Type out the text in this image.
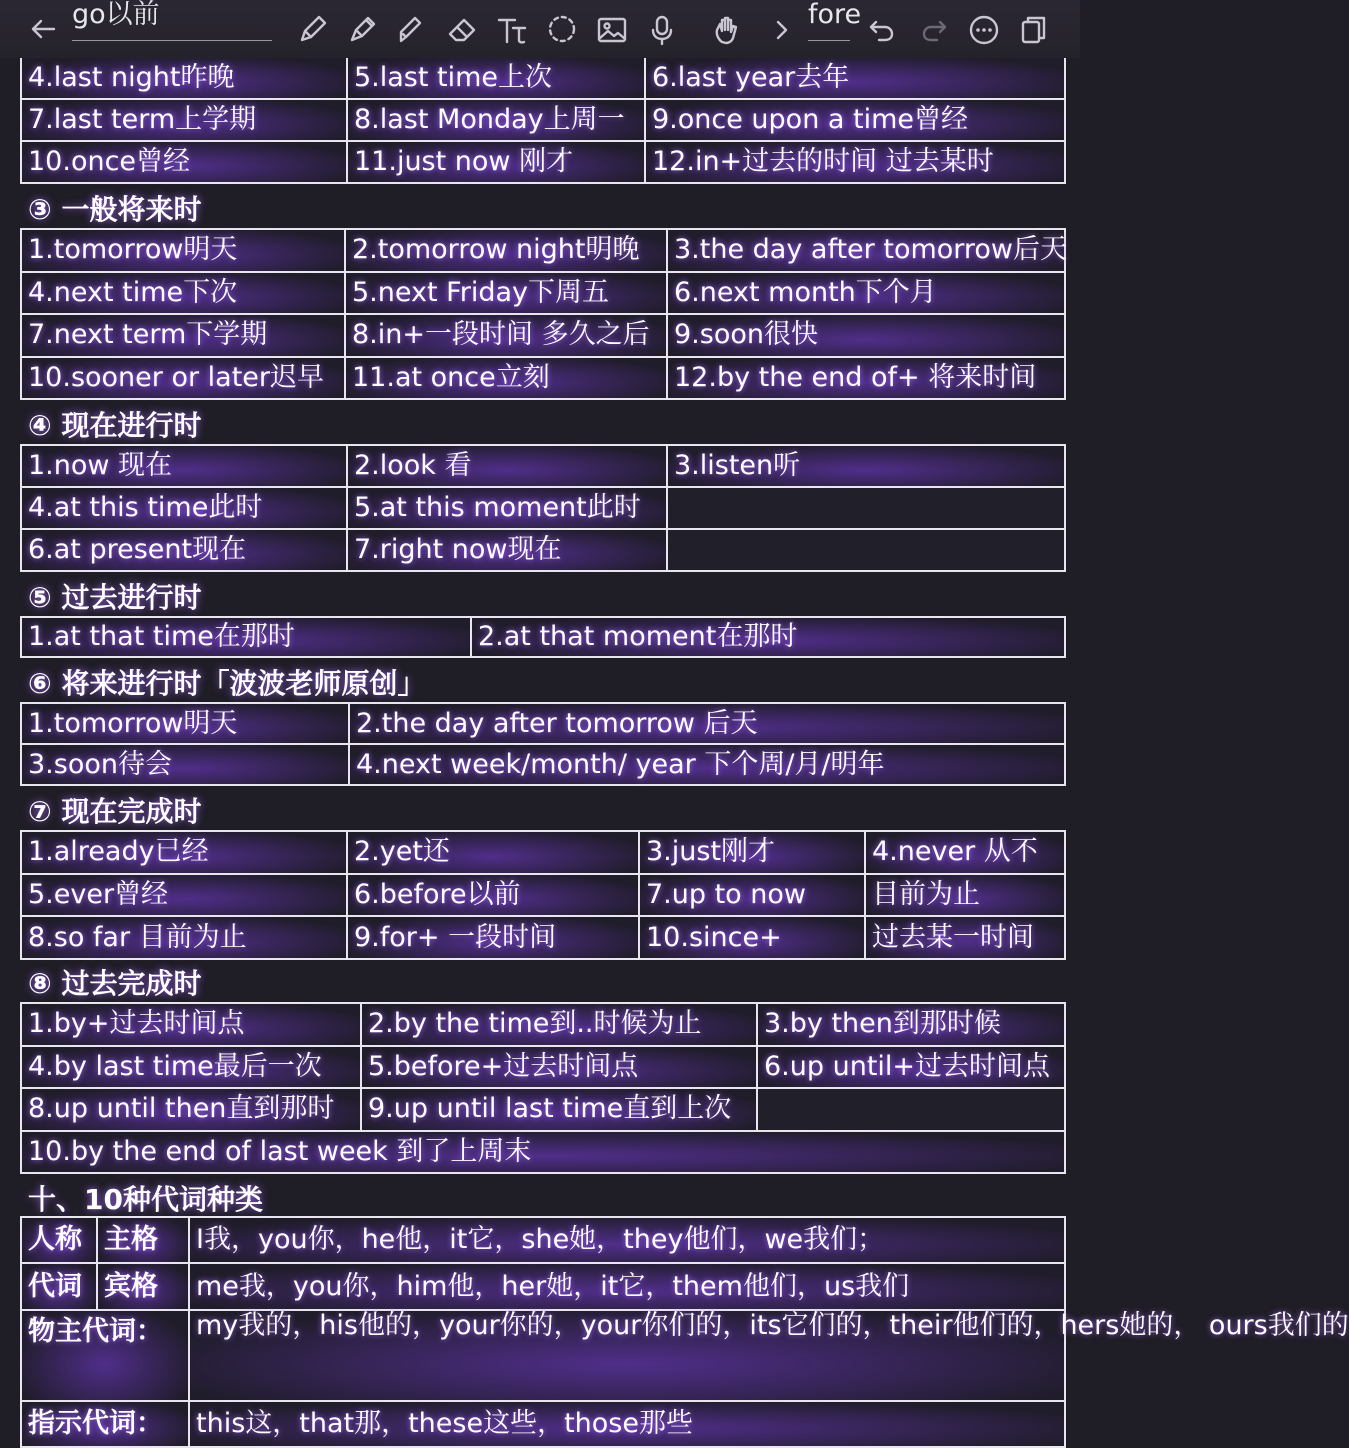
go以前	fore
4.last night昨晚	5.last time上次	6.last year去年
7.last term上学期	8.last Monday上周一	9.once upon a time曾经
10.once曾经	11.just now 刚才	12.in+过去的时间 过去某时
③ 一般将来时
1.tomorrow明天	2.tomorrow night明晚	3.the day after tomorrow后天
4.next time下次	5.next Friday下周五	6.next month下个月
7.next term下学期	8.in+一段时间 多久之后	9.soon很快
10.sooner or later迟早	11.at once立刻	12.by the end of+ 将来时间
④ 现在进行时
1.now 现在	2.look 看	3.listen听
4.at this time此时	5.at this moment此时	
6.at present现在	7.right now现在	
⑤ 过去进行时
1.at that time在那时	2.at that moment在那时
⑥ 将来进行时「波波老师原创」
1.tomorrow明天	2.the day after tomorrow 后天
3.soon待会	4.next week/month/ year 下个周/月/明年
⑦ 现在完成时
1.already已经	2.yet还	3.just刚才	4.never 从不
5.ever曾经	6.before以前	7.up to now	目前为止
8.so far 目前为止	9.for+ 一段时间	10.since+	过去某一时间
⑧ 过去完成时
1.by+过去时间点	2.by the time到..时候为止	3.by then到那时候
4.by last time最后一次	5.before+过去时间点	6.up until+过去时间点
8.up until then直到那时	9.up until last time直到上次	
10.by the end of last week 到了上周末		
十、10种代词种类
人称	主格	I我，you你，he他，it它，she她，they他们，we我们；
代词	宾格	me我，you你，him他，her她，it它，them他们，us我们
物主代词：		my我的，his他的，your你的，your你们的，its它们的，their他们的，hers她的， ours我们的
指示代词：		this这，that那，these这些，those那些
